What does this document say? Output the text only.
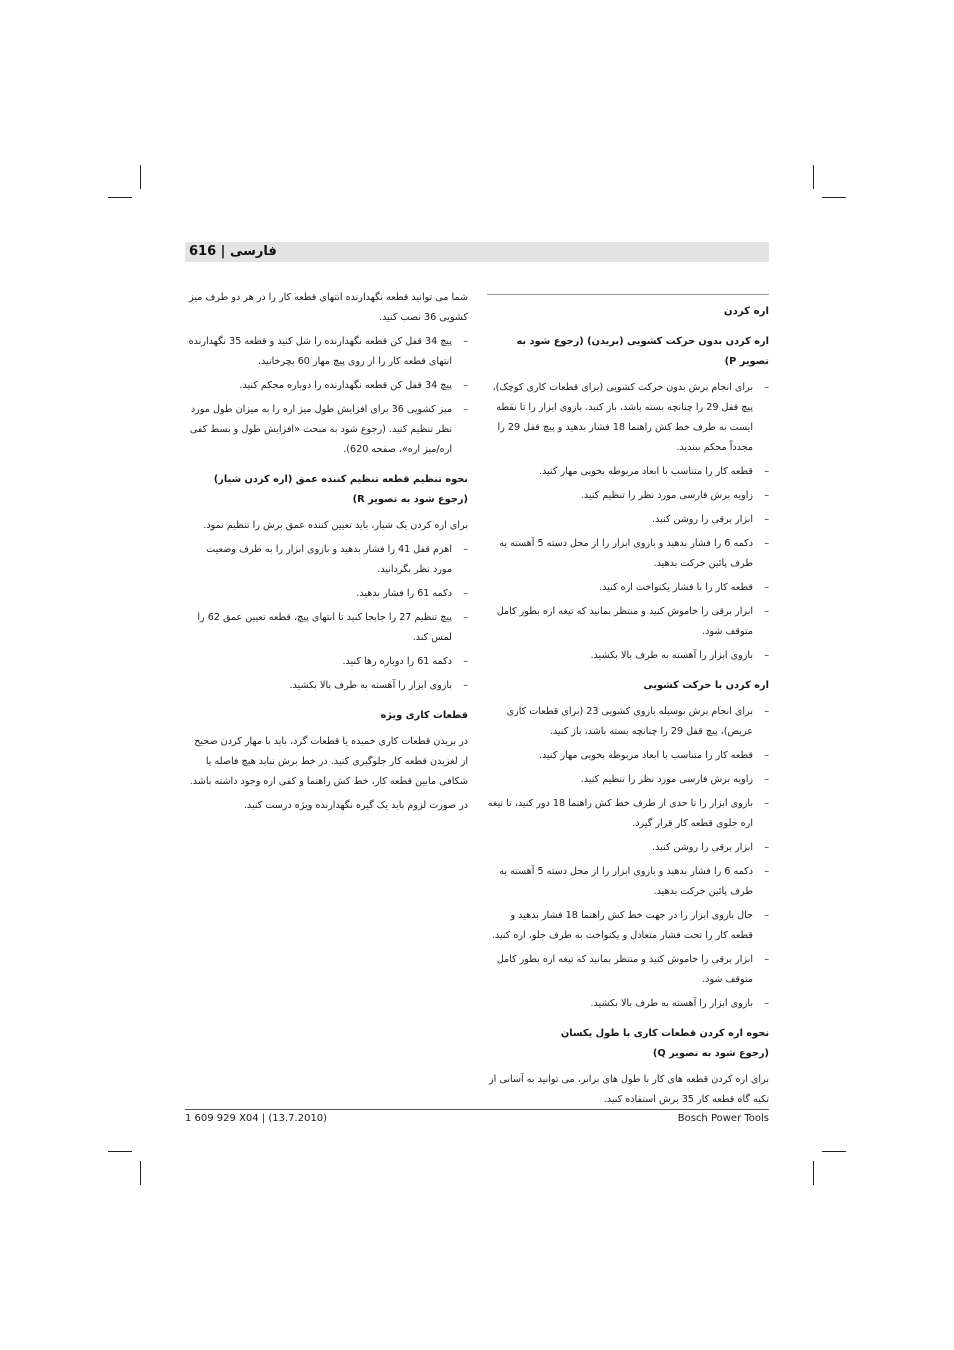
فارسی | 616
اره کردن
اره کردن بدون حرکت کشویی (بریدن) (رجوع شود به تصویر P)
– برای انجام برش بدون حرکت کشویی (برای قطعات کاری کوچک)، پیچ قفل 29 را چنانچه بسته باشد، باز کنید. بازوی ابزار را تا نقطه ایست به طرف خط کش راهنما 18 فشار بدهید و پیچ قفل 29 را مجدداً محکم ببندید.
– قطعه کار را متناسب با ابعاد مربوطه بخوبی مهار کنید.
– زاویه برش فارسی مورد نظر را تنظیم کنید.
– ابزار برقی را روشن کنید.
– دکمه 6 را فشار بدهید و بازوی ابزار را از محل دسته 5 آهسته به طرف پائین حرکت بدهید.
– قطعه کار را با فشار یکنواخت اره کنید.
– ابزار برقی را خاموش کنید و منتظر بمانید که تیغه اره بطور کامل متوقف شود.
– بازوی ابزار را آهسته به طرف بالا بکشید.
اره کردن با حرکت کشویی
– برای انجام برش بوسیله بازوی کشویی 23 (برای قطعات کاری عریض)، پیچ قفل 29 را چنانچه بسته باشد، باز کنید.
– قطعه کار را متناسب با ابعاد مربوطه بخوبی مهار کنید.
– زاویه برش فارسی مورد نظر را تنظیم کنید.
– بازوی ابزار را تا حدی از طرف خط کش راهنما 18 دور کنید، تا تیغه اره جلوی قطعه کار قرار گیرد.
– ابزار برقی را روشن کنید.
– دکمه 6 را فشار بدهید و بازوی ابزار را از محل دسته 5 آهسته به طرف پائین حرکت بدهید.
– حال بازوی ابزار را در جهت خط کش راهنما 18 فشار بدهید و قطعه کار را تحت فشار متعادل و یکنواخت به طرف جلو، اره کنید.
– ابزار برقی را خاموش کنید و منتظر بمانید که تیغه اره بطور کامل متوقف شود.
– بازوی ابزار را آهسته به طرف بالا بکشید.
نحوه اره کردن قطعات کاری با طول یکسان
(رجوع شود به تصویر Q)

برای اره کردن قطعه های کار با طول های برابر، می توانید به آسانی از تکیه گاه قطعه کار 35 برش استفاده کنید.

شما می توانید قطعه نگهدارنده انتهای قطعه کار را در هر دو طرف میز کشویی 36 نصب کنید.

– پیچ 34 قفل کن قطعه نگهدارنده را شل کنید و قطعه 35 نگهدارنده انتهای قطعه کار را از روی پیچ مهار 60 بچرخانید.
– پیچ 34 قفل کن قطعه نگهدارنده را دوباره محکم کنید.
– میز کشویی 36 برای افزایش طول میز اره را به میزان طول مورد نظر تنظیم کنید. (رجوع شود به مبحث «افزایش طول و بسط کفی اره/میز اره»، صفحه 620).
نحوه تنظیم قطعه تنظیم کننده عمق (اره کردن شیار)
(رجوع شود به تصویر R)

برای اره کردن یک شیار، باید تعیین کننده عمق برش را تنظیم نمود.

– اهرم قفل 41 را فشار بدهید و بازوی ابزار را به طرف وضعیت مورد نظر بگردانید.
– دکمه 61 را فشار بدهید.
– پیچ تنظیم 27 را جابجا کنید تا انتهای پیچ، قطعه تعیین عمق 62 را لمس کند.
– دکمه 61 را دوباره رها کنید.
– بازوی ابزار را آهسته به طرف بالا بکشید.
قطعات کاری ویژه

در بریدن قطعات کاری خمیده یا قطعات گرد، باید با مهار کردن صحیح از لغزیدن قطعه کار جلوگیری کنید. در خط برش نباید هیچ فاصله یا شکافی مابین قطعه کار، خط کش راهنما و کفی اره وجود داشته باشد.

در صورت لزوم باید یک گیره نگهدارنده ویژه درست کنید.

1 609 929 X04 | (13.7.2010)	Bosch Power Tools
